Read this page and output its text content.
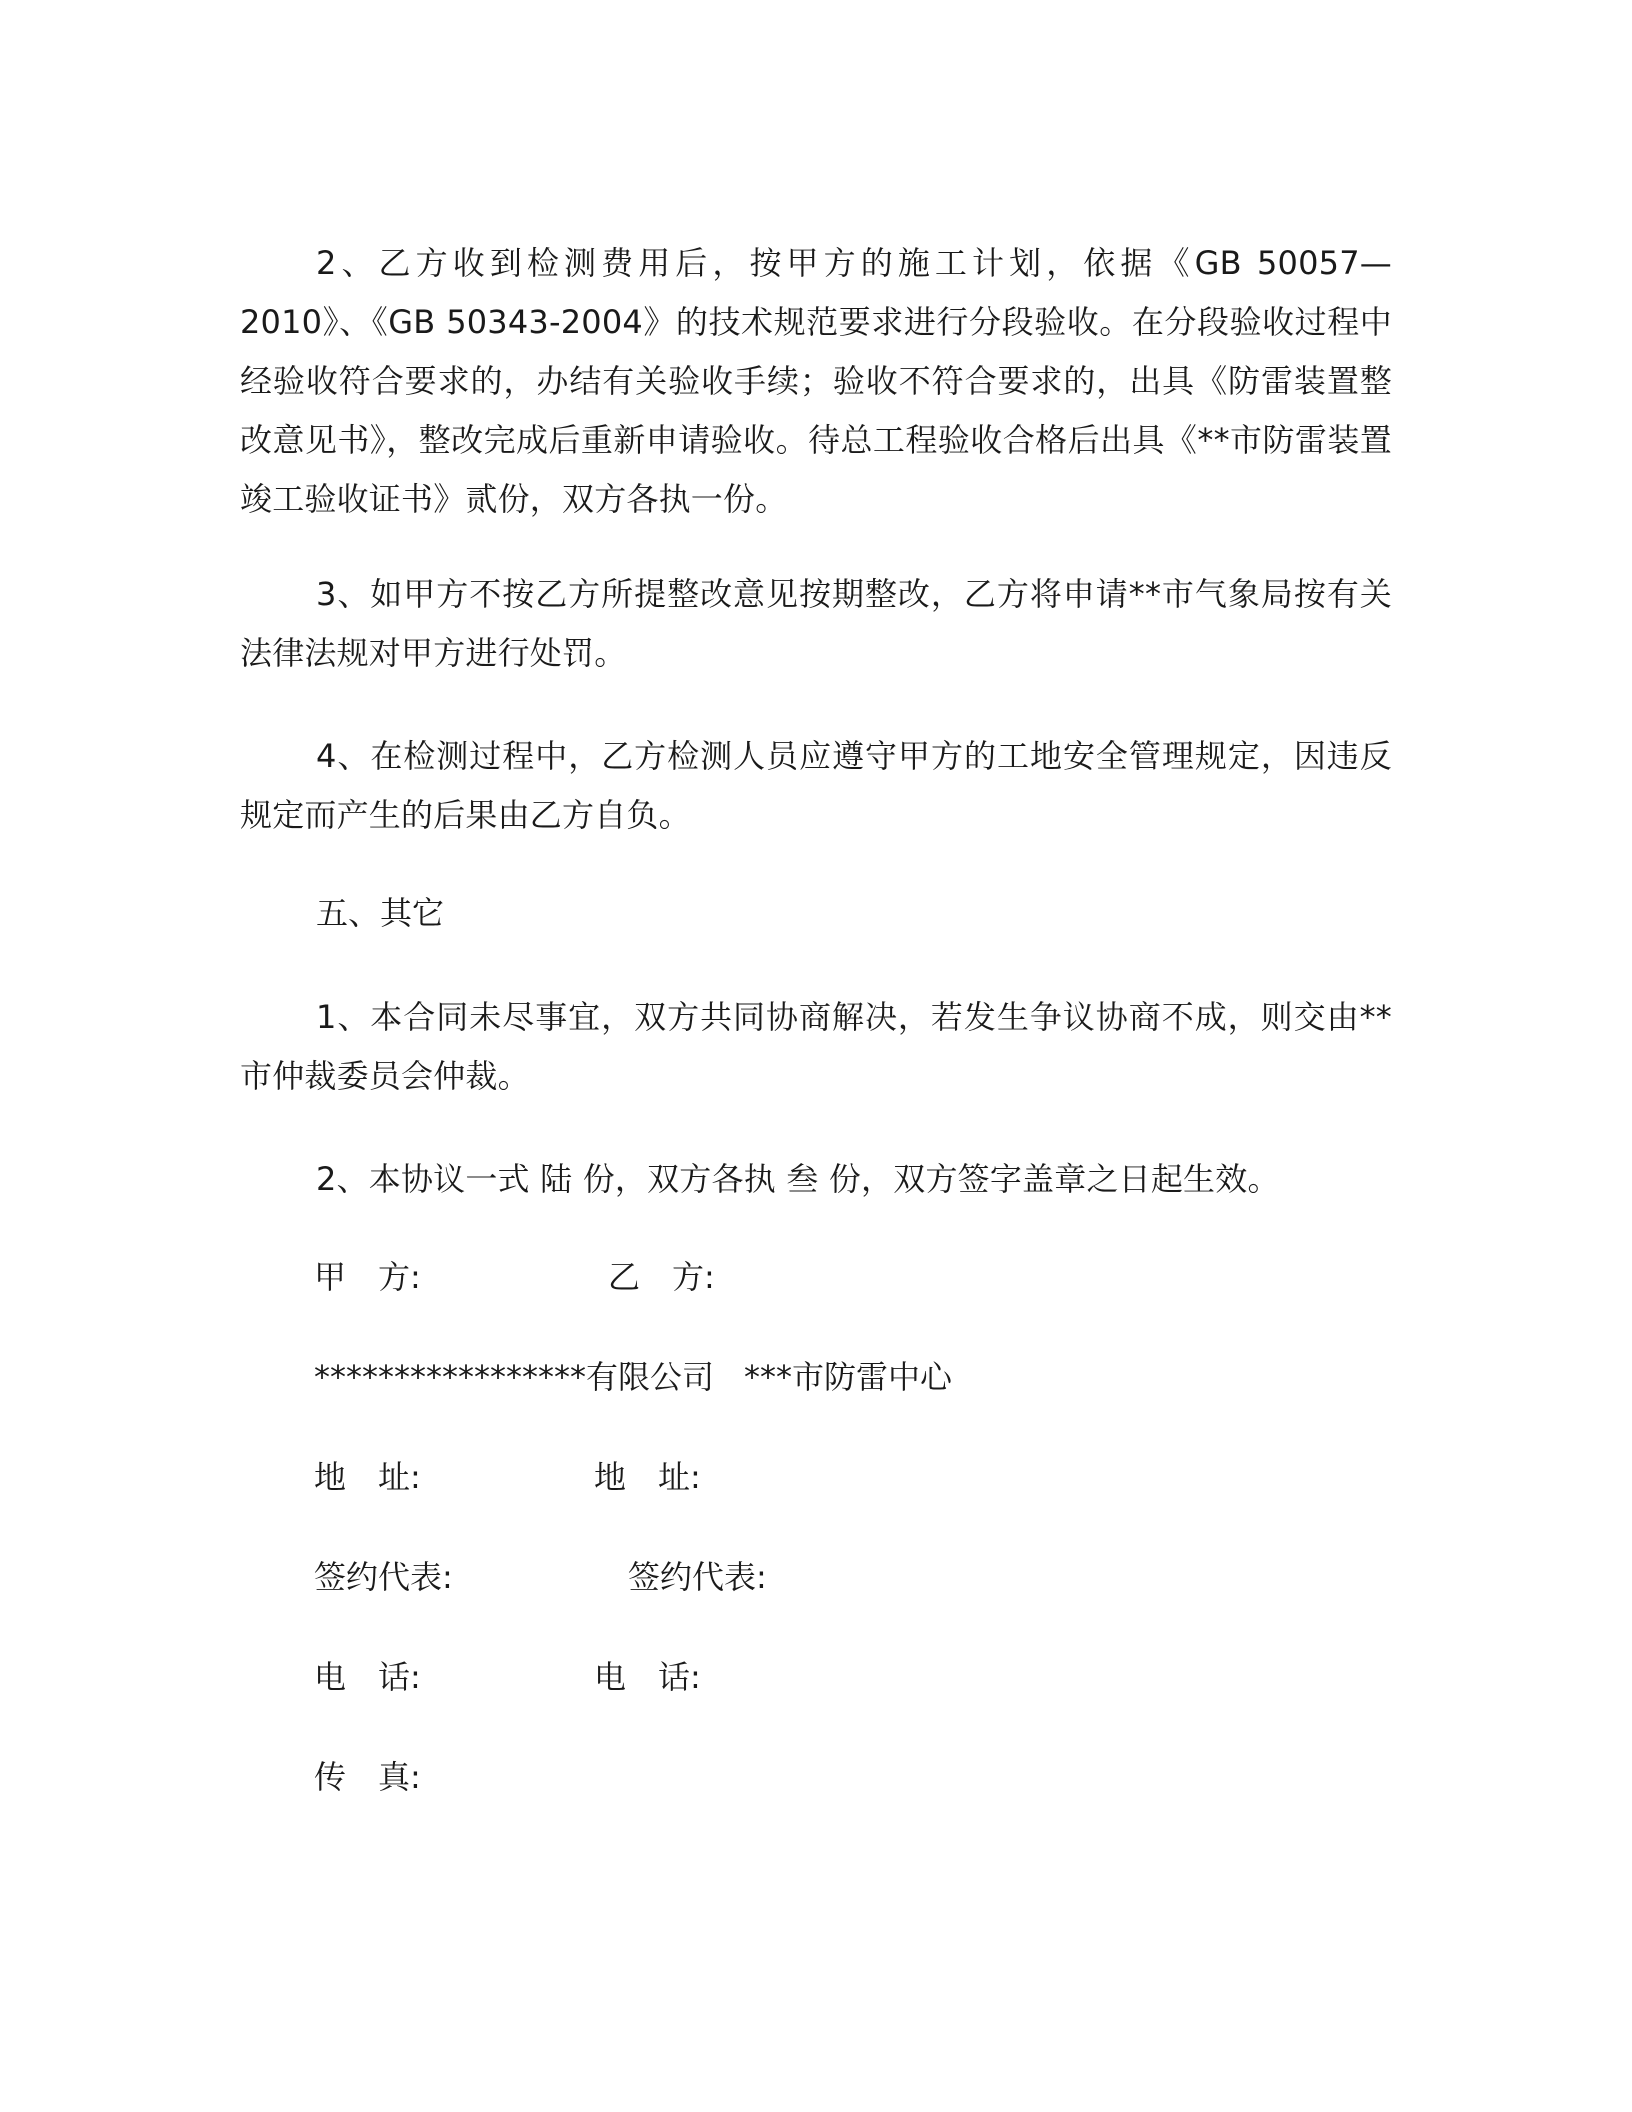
2、乙方收到检测费用后，按甲方的施工计划，依据《GB 50057—2010》、《GB 50343-2004》的技术规范要求进行分段验收。在分段验收过程中经验收符合要求的，办结有关验收手续；验收不符合要求的，出具《防雷装置整改意见书》，整改完成后重新申请验收。待总工程验收合格后出具《**市防雷装置竣工验收证书》贰份，双方各执一份。

3、如甲方不按乙方所提整改意见按期整改，乙方将申请**市气象局按有关法律法规对甲方进行处罚。

4、在检测过程中，乙方检测人员应遵守甲方的工地安全管理规定，因违反规定而产生的后果由乙方自负。

五、其它

1、本合同未尽事宜，双方共同协商解决，若发生争议协商不成，则交由**市仲裁委员会仲裁。

2、本协议一式 陆 份，双方各执 叁 份，双方签字盖章之日起生效。

甲　方:	乙　方:

*****************有限公司 ***市防雷中心

地　址:	地　址:

签约代表:	签约代表:

电　话:	电　话:

传　真:
